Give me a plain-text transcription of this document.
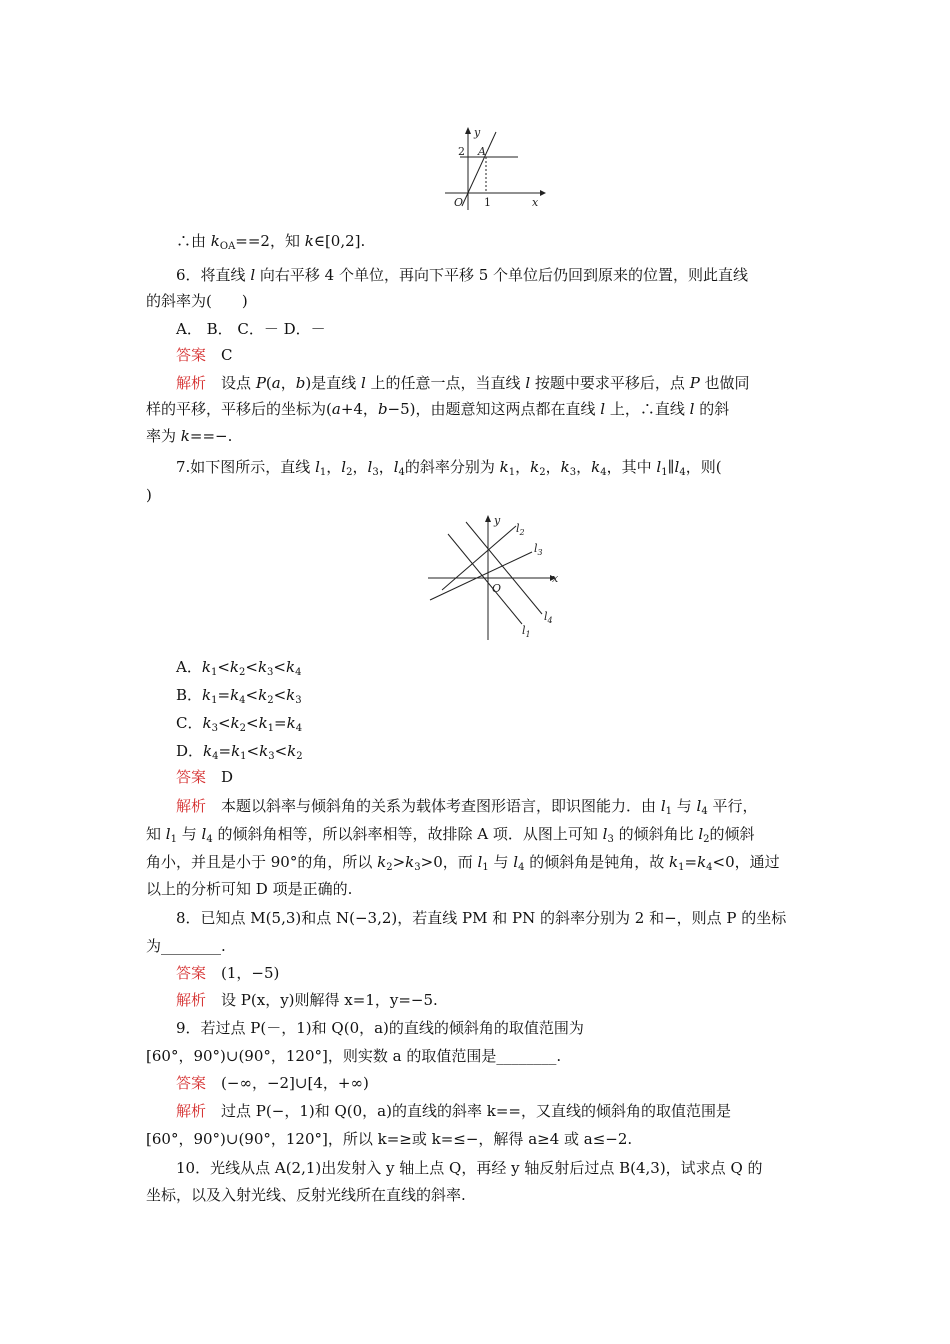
y
x
O
2
1
A
∴由 $k_{OA}==2$，知 k∈[0,2].
6．将直线 l 向右平移 4 个单位，再向下平移 5 个单位后仍回到原来的位置，则此直线
的斜率为(　　)
A． B． C．－ D．－
答案　 C
解析　 设点 P(a，b)是直线 l 上的任意一点，当直线 l 按题中要求平移后，点 P 也做同
样的平移，平移后的坐标为(a+4，b−5)，由题意知这两点都在直线 l 上，∴直线 l 的斜
率为 k==−.
7.如下图所示，直线 $l_1$，$l_2$，$l_3$，$l_4$的斜率分别为 $k_1$，$k_2$，$k_3$，$k_4$，其中 $l_1\parallel l_4$，则(
)
y
x
O
$l_2$
$l_3$
$l_4$
$l_1$
A．$k_1<k_2<k_3<k_4$
B．$k_1=k_4<k_2<k_3$
C．$k_3<k_2<k_1=k_4$
D．$k_4=k_1<k_3<k_2$
答案　 D
解析　 本题以斜率与倾斜角的关系为载体考查图形语言，即识图能力．由 $l_1$ 与 $l_4$ 平行，
知 $l_1$ 与 $l_4$ 的倾斜角相等，所以斜率相等，故排除 A 项．从图上可知 $l_3$ 的倾斜角比 $l_2$的倾斜
角小，并且是小于 90°的角，所以 $k_2>k_3>0$，而 $l_1$ 与 $l_4$ 的倾斜角是钝角，故 $k_1=k_4<0$，通过
以上的分析可知 D 项是正确的.
8．已知点 M(5,3)和点 N(−3,2)，若直线 PM 和 PN 的斜率分别为 2 和−，则点 P 的坐标
为________.
答案　 (1，−5)
解析　 设 P(x，y)则解得 x=1，y=−5.
9．若过点 P(－，1)和 Q(0，a)的直线的倾斜角的取值范围为
[60°，90°)∪(90°，120°]，则实数 a 的取值范围是________.
答案　 (−∞，−2]∪[4，+∞)
解析　 过点 P(−，1)和 Q(0，a)的直线的斜率 k==，又直线的倾斜角的取值范围是
[60°，90°)∪(90°，120°]，所以 k=≥或 k=≤−，解得 a≥4 或 a≤−2.
10．光线从点 A(2,1)出发射入 y 轴上点 Q，再经 y 轴反射后过点 B(4,3)，试求点 Q 的
坐标，以及入射光线、反射光线所在直线的斜率.
